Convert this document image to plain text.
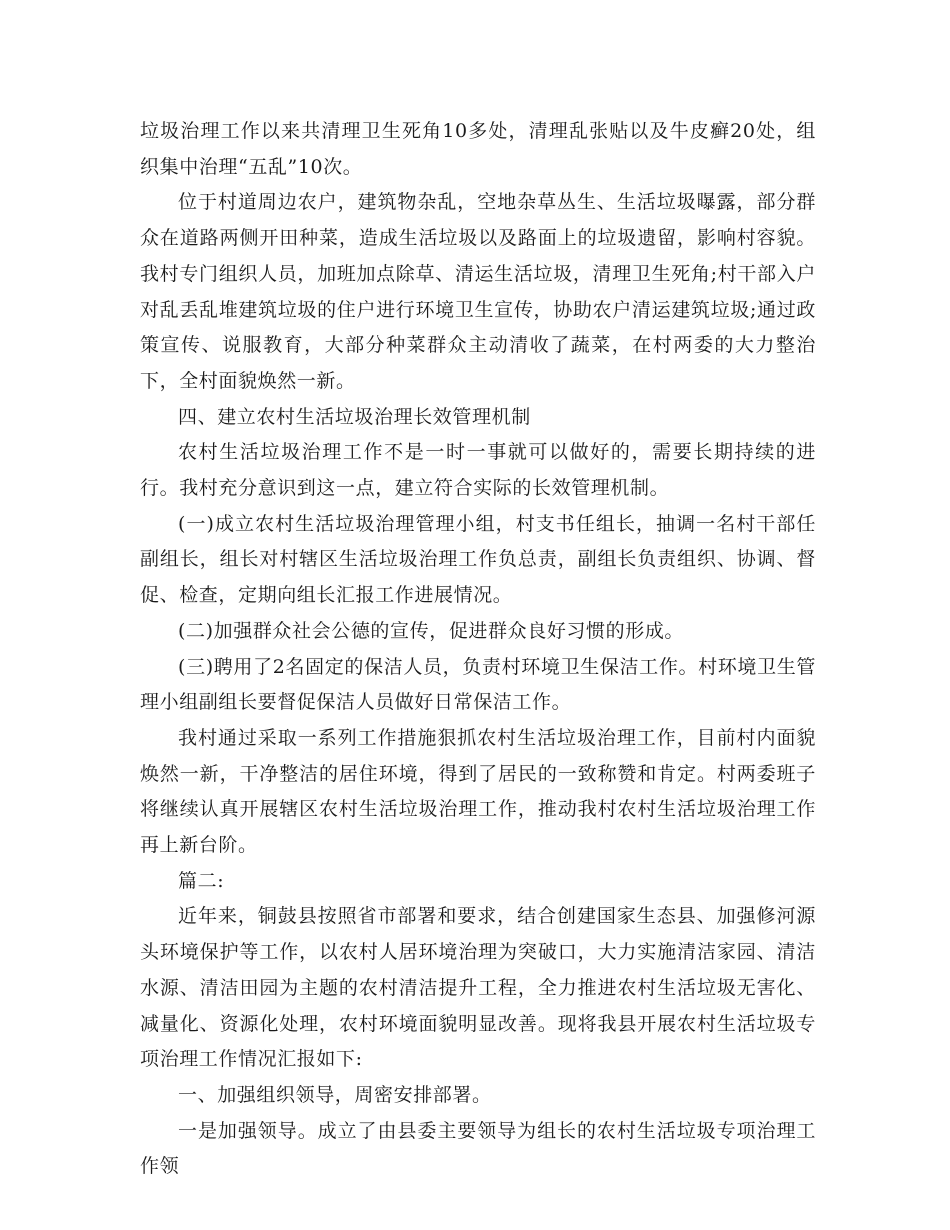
垃圾治理工作以来共清理卫生死角10多处，清理乱张贴以及牛皮癣20处，组织集中治理“五乱”10次。

位于村道周边农户，建筑物杂乱，空地杂草丛生、生活垃圾曝露，部分群众在道路两侧开田种菜，造成生活垃圾以及路面上的垃圾遗留，影响村容貌。我村专门组织人员，加班加点除草、清运生活垃圾，清理卫生死角;村干部入户对乱丢乱堆建筑垃圾的住户进行环境卫生宣传，协助农户清运建筑垃圾;通过政策宣传、说服教育，大部分种菜群众主动清收了蔬菜，在村两委的大力整治下，全村面貌焕然一新。

四、建立农村生活垃圾治理长效管理机制

农村生活垃圾治理工作不是一时一事就可以做好的，需要长期持续的进行。我村充分意识到这一点，建立符合实际的长效管理机制。

(一)成立农村生活垃圾治理管理小组，村支书任组长，抽调一名村干部任副组长，组长对村辖区生活垃圾治理工作负总责，副组长负责组织、协调、督促、检查，定期向组长汇报工作进展情况。

(二)加强群众社会公德的宣传，促进群众良好习惯的形成。

(三)聘用了2名固定的保洁人员，负责村环境卫生保洁工作。村环境卫生管理小组副组长要督促保洁人员做好日常保洁工作。

我村通过采取一系列工作措施狠抓农村生活垃圾治理工作，目前村内面貌焕然一新，干净整洁的居住环境，得到了居民的一致称赞和肯定。村两委班子将继续认真开展辖区农村生活垃圾治理工作，推动我村农村生活垃圾治理工作再上新台阶。

篇二:

近年来，铜鼓县按照省市部署和要求，结合创建国家生态县、加强修河源头环境保护等工作，以农村人居环境治理为突破口，大力实施清洁家园、清洁水源、清洁田园为主题的农村清洁提升工程，全力推进农村生活垃圾无害化、减量化、资源化处理，农村环境面貌明显改善。现将我县开展农村生活垃圾专项治理工作情况汇报如下:

一、加强组织领导，周密安排部署。

一是加强领导。成立了由县委主要领导为组长的农村生活垃圾专项治理工作领
